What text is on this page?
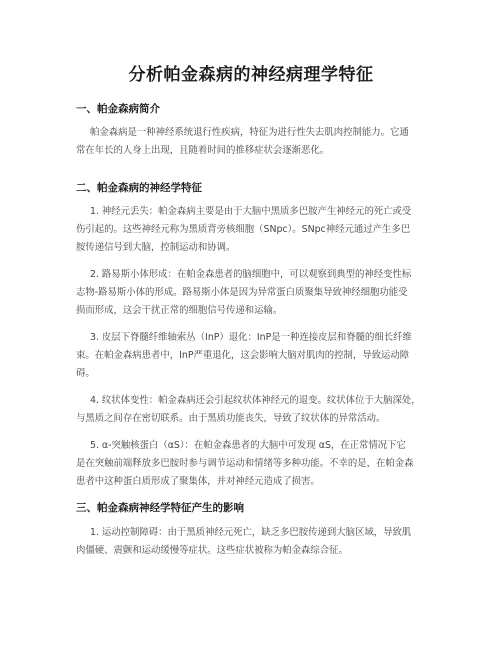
分析帕金森病的神经病理学特征
一、帕金森病简介
帕金森病是一种神经系统退行性疾病，特征为进行性失去肌肉控制能力。它通
常在年长的人身上出现，且随着时间的推移症状会逐渐恶化。
二、帕金森病的神经学特征
1. 神经元丢失：帕金森病主要是由于大脑中黑质多巴胺产生神经元的死亡或受
伤引起的。这些神经元称为黑质背旁核细胞（SNpc）。SNpc神经元通过产生多巴
胺传递信号到大脑，控制运动和协调。
2. 路易斯小体形成：在帕金森患者的脑细胞中，可以观察到典型的神经变性标
志物-路易斯小体的形成。路易斯小体是因为异常蛋白质聚集导致神经细胞功能受
损而形成，这会干扰正常的细胞信号传递和运输。
3. 皮层下脊髓纤维轴索丛（InP）退化：InP是一种连接皮层和脊髓的细长纤维
束。在帕金森病患者中，InP严重退化，这会影响大脑对肌肉的控制，导致运动障
碍。
4. 纹状体变性：帕金森病还会引起纹状体神经元的退变。纹状体位于大脑深处，
与黑质之间存在密切联系。由于黑质功能丧失，导致了纹状体的异常活动。
5. α-突触核蛋白（αS）：在帕金森患者的大脑中可发现 αS，在正常情况下它
是在突触前端释放多巴胺时参与调节运动和情绪等多种功能。不幸的是，在帕金森
患者中这种蛋白质形成了聚集体，并对神经元造成了损害。
三、帕金森病神经学特征产生的影响
1. 运动控制障碍：由于黑质神经元死亡，缺乏多巴胺传递到大脑区域，导致肌
肉僵硬、震颤和运动缓慢等症状。这些症状被称为帕金森综合征。
